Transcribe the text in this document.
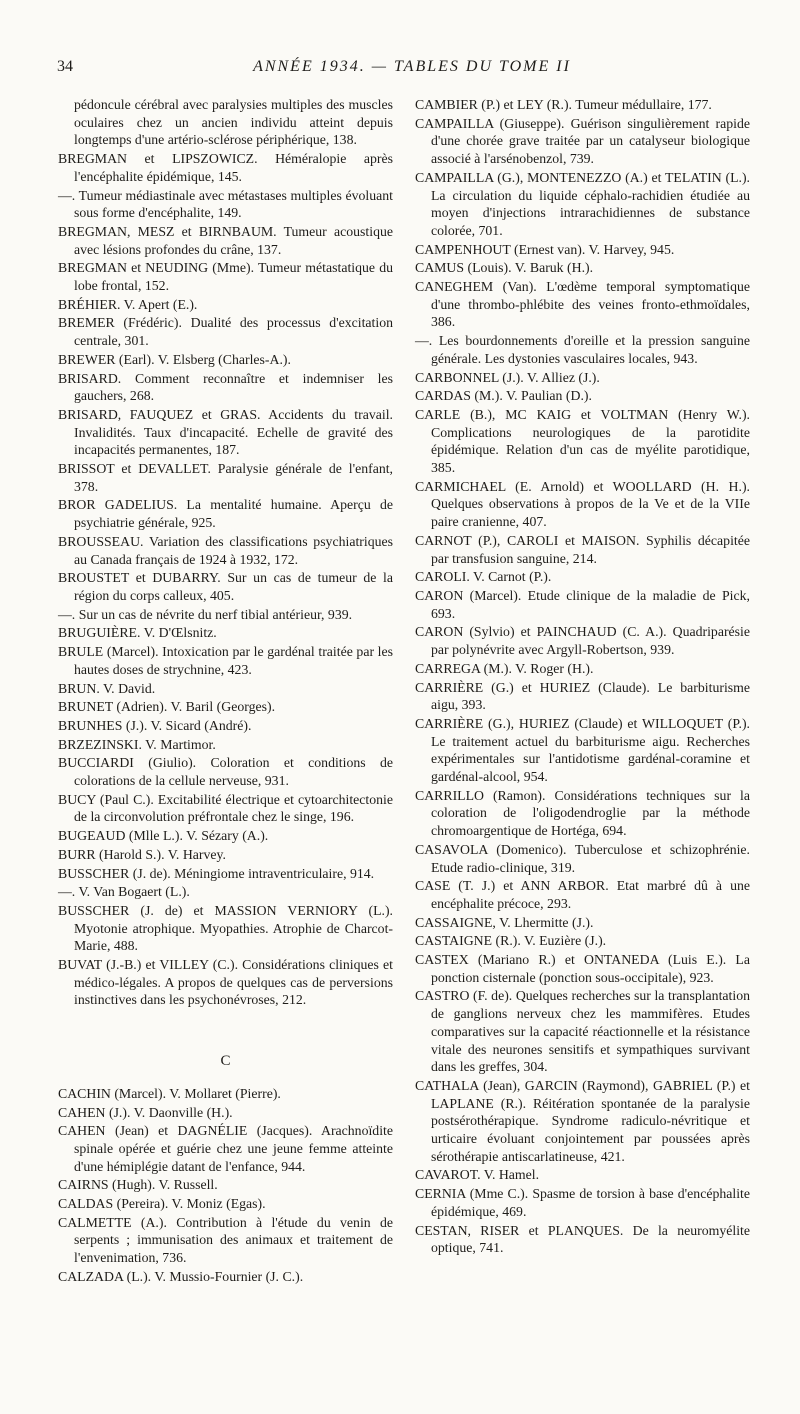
34	ANNÉE 1934. — TABLES DU TOME II

pédoncule cérébral avec paralysies multiples des muscles oculaires chez un ancien individu atteint depuis longtemps d'une artério-sclérose périphérique, 138.

BREGMAN et LIPSZOWICZ. Héméralopie après l'encéphalite épidémique, 145.

—. Tumeur médiastinale avec métastases multiples évoluant sous forme d'encéphalite, 149.

BREGMAN, MESZ et BIRNBAUM. Tumeur acoustique avec lésions profondes du crâne, 137.

BREGMAN et NEUDING (Mme). Tumeur métastatique du lobe frontal, 152.

BRÉHIER. V. Apert (E.).

BREMER (Frédéric). Dualité des processus d'excitation centrale, 301.

BREWER (Earl). V. Elsberg (Charles-A.).

BRISARD. Comment reconnaître et indemniser les gauchers, 268.

BRISARD, FAUQUEZ et GRAS. Accidents du travail. Invalidités. Taux d'incapacité. Echelle de gravité des incapacités permanentes, 187.

BRISSOT et DEVALLET. Paralysie générale de l'enfant, 378.

BROR GADELIUS. La mentalité humaine. Aperçu de psychiatrie générale, 925.

BROUSSEAU. Variation des classifications psychiatriques au Canada français de 1924 à 1932, 172.

BROUSTET et DUBARRY. Sur un cas de tumeur de la région du corps calleux, 405.

—. Sur un cas de névrite du nerf tibial antérieur, 939.

BRUGUIÈRE. V. D'Œlsnitz.

BRULE (Marcel). Intoxication par le gardénal traitée par les hautes doses de strychnine, 423.

BRUN. V. David.

BRUNET (Adrien). V. Baril (Georges).

BRUNHES (J.). V. Sicard (André).

BRZEZINSKI. V. Martimor.

BUCCIARDI (Giulio). Coloration et conditions de colorations de la cellule nerveuse, 931.

BUCY (Paul C.). Excitabilité électrique et cytoarchitectonie de la circonvolution préfrontale chez le singe, 196.

BUGEAUD (Mlle L.). V. Sézary (A.).

BURR (Harold S.). V. Harvey.

BUSSCHER (J. de). Méningiome intraventriculaire, 914.

—. V. Van Bogaert (L.).

BUSSCHER (J. de) et MASSION VERNIORY (L.). Myotonie atrophique. Myopathies. Atrophie de Charcot-Marie, 488.

BUVAT (J.-B.) et VILLEY (C.). Considérations cliniques et médico-légales. A propos de quelques cas de perversions instinctives dans les psychonévroses, 212.

C

CACHIN (Marcel). V. Mollaret (Pierre).

CAHEN (J.). V. Daonville (H.).

CAHEN (Jean) et DAGNÉLIE (Jacques). Arachnoïdite spinale opérée et guérie chez une jeune femme atteinte d'une hémiplégie datant de l'enfance, 944.

CAIRNS (Hugh). V. Russell.

CALDAS (Pereira). V. Moniz (Egas).

CALMETTE (A.). Contribution à l'étude du venin de serpents ; immunisation des animaux et traitement de l'envenimation, 736.

CALZADA (L.). V. Mussio-Fournier (J. C.).

CAMBIER (P.) et LEY (R.). Tumeur médullaire, 177.

CAMPAILLA (Giuseppe). Guérison singulièrement rapide d'une chorée grave traitée par un catalyseur biologique associé à l'arsénobenzol, 739.

CAMPAILLA (G.), MONTENEZZO (A.) et TELATIN (L.). La circulation du liquide céphalo-rachidien étudiée au moyen d'injections intrarachidiennes de substance colorée, 701.

CAMPENHOUT (Ernest van). V. Harvey, 945.

CAMUS (Louis). V. Baruk (H.).

CANEGHEM (Van). L'œdème temporal symptomatique d'une thrombo-phlébite des veines fronto-ethmoïdales, 386.

—. Les bourdonnements d'oreille et la pression sanguine générale. Les dystonies vasculaires locales, 943.

CARBONNEL (J.). V. Alliez (J.).

CARDAS (M.). V. Paulian (D.).

CARLE (B.), MC KAIG et VOLTMAN (Henry W.). Complications neurologiques de la parotidite épidémique. Relation d'un cas de myélite parotidique, 385.

CARMICHAEL (E. Arnold) et WOOLLARD (H. H.). Quelques observations à propos de la Ve et de la VIIe paire cranienne, 407.

CARNOT (P.), CAROLI et MAISON. Syphilis décapitée par transfusion sanguine, 214.

CAROLI. V. Carnot (P.).

CARON (Marcel). Etude clinique de la maladie de Pick, 693.

CARON (Sylvio) et PAINCHAUD (C. A.). Quadriparésie par polynévrite avec Argyll-Robertson, 939.

CARREGA (M.). V. Roger (H.).

CARRIÈRE (G.) et HURIEZ (Claude). Le barbiturisme aigu, 393.

CARRIÈRE (G.), HURIEZ (Claude) et WILLOQUET (P.). Le traitement actuel du barbiturisme aigu. Recherches expérimentales sur l'antidotisme gardénal-coramine et gardénal-alcool, 954.

CARRILLO (Ramon). Considérations techniques sur la coloration de l'oligodendroglie par la méthode chromoargentique de Hortéga, 694.

CASAVOLA (Domenico). Tuberculose et schizophrénie. Etude radio-clinique, 319.

CASE (T. J.) et ANN ARBOR. Etat marbré dû à une encéphalite précoce, 293.

CASSAIGNE, V. Lhermitte (J.).

CASTAIGNE (R.). V. Euzière (J.).

CASTEX (Mariano R.) et ONTANEDA (Luis E.). La ponction cisternale (ponction sous-occipitale), 923.

CASTRO (F. de). Quelques recherches sur la transplantation de ganglions nerveux chez les mammifères. Etudes comparatives sur la capacité réactionnelle et la résistance vitale des neurones sensitifs et sympathiques survivant dans les greffes, 304.

CATHALA (Jean), GARCIN (Raymond), GABRIEL (P.) et LAPLANE (R.). Réitération spontanée de la paralysie postsérothérapique. Syndrome radiculo-névritique et urticaire évoluant conjointement par poussées après sérothérapie antiscarlatineuse, 421.

CAVAROT. V. Hamel.

CERNIA (Mme C.). Spasme de torsion à base d'encéphalite épidémique, 469.

CESTAN, RISER et PLANQUES. De la neuromyélite optique, 741.
